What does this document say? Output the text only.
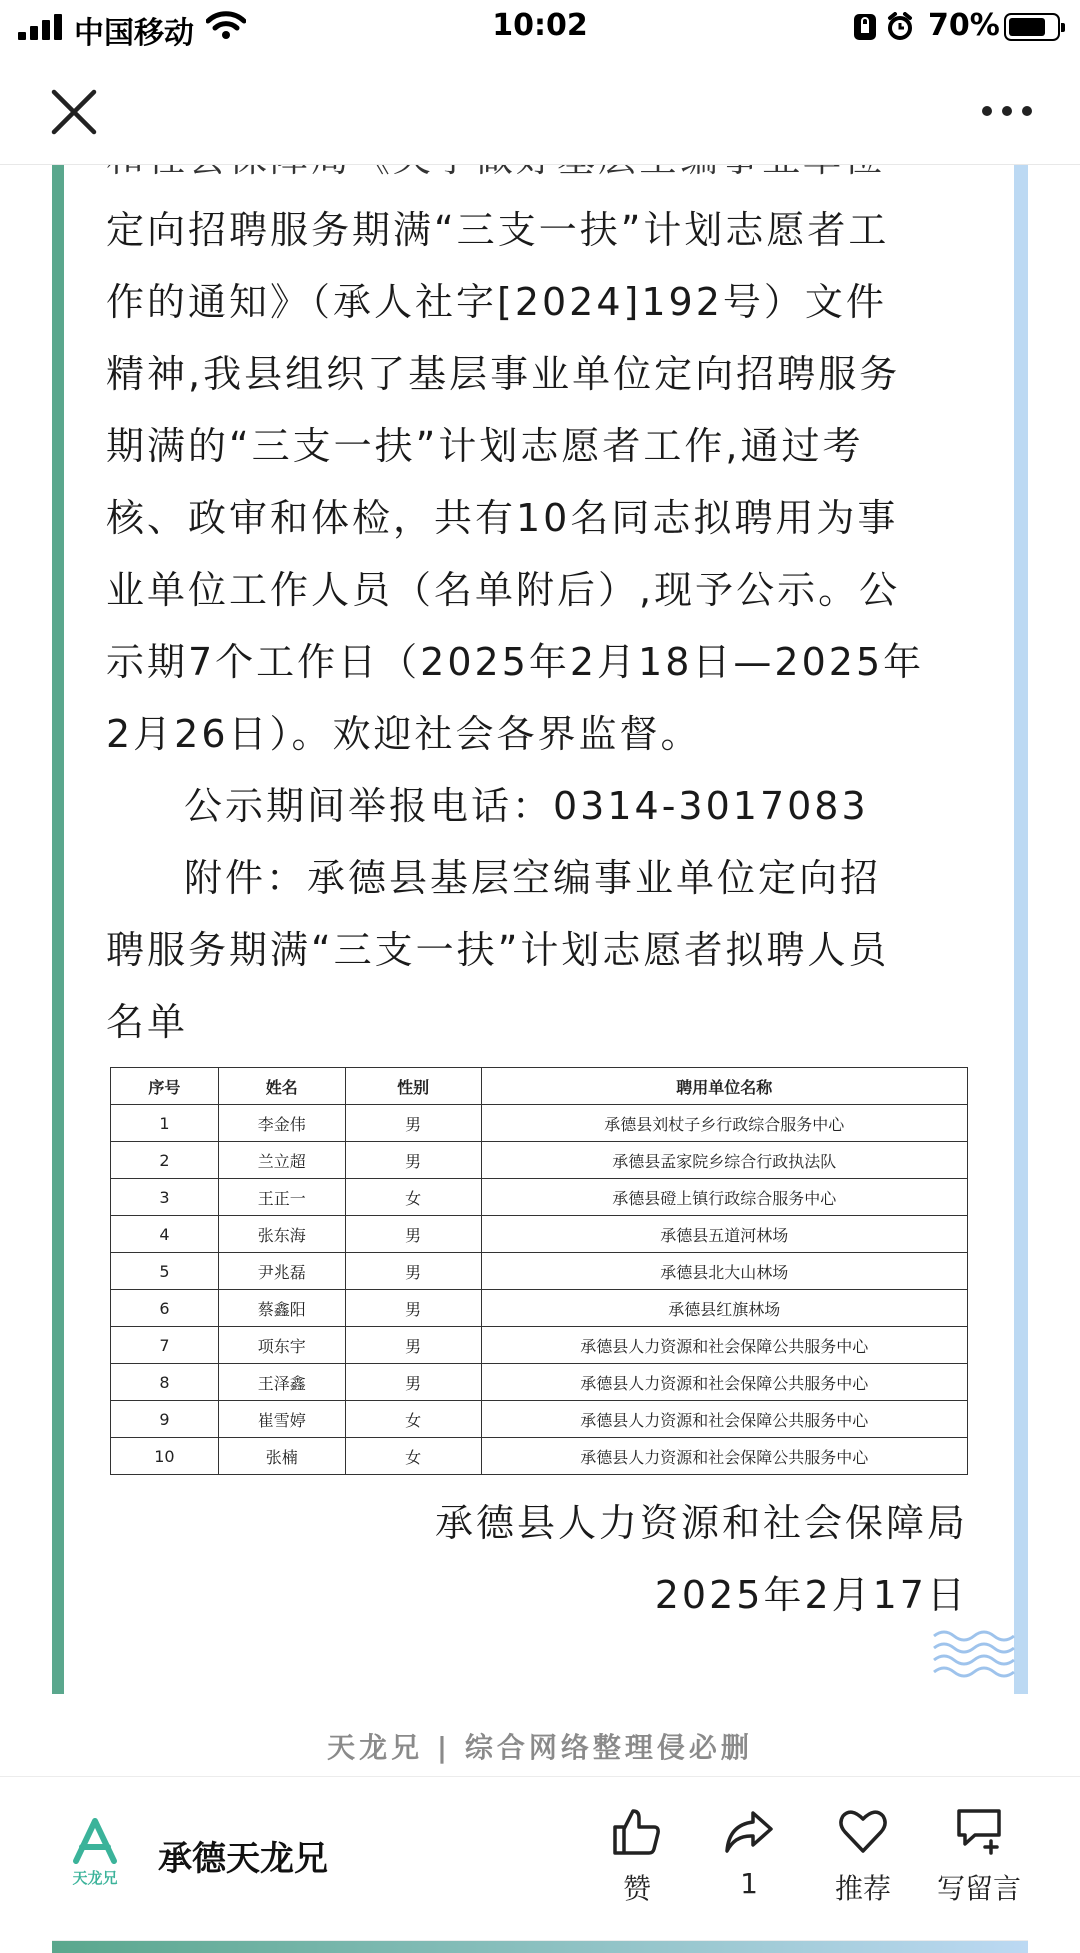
中国移动	10:02	70%

定向招聘服务期满“三支一扶”计划志愿者工

作的通知》（承人社字[2024]192号）文件

精神,我县组织了基层事业单位定向招聘服务

期满的“三支一扶”计划志愿者工作,通过考

核、政审和体检，共有10名同志拟聘用为事

业单位工作人员（名单附后）,现予公示。公

示期7个工作日（2025年2月18日—2025年

2月26日）。欢迎社会各界监督。

公示期间举报电话：0314-3017083

附件：承德县基层空编事业单位定向招

聘服务期满“三支一扶”计划志愿者拟聘人员

名单

序号	姓名	性别	聘用单位名称
1	李金伟	男	承德县刘杖子乡行政综合服务中心
2	兰立超	男	承德县孟家院乡综合行政执法队
3	王正一	女	承德县磴上镇行政综合服务中心
4	张东海	男	承德县五道河林场
5	尹兆磊	男	承德县北大山林场
6	蔡鑫阳	男	承德县红旗林场
7	项东宇	男	承德县人力资源和社会保障公共服务中心
8	王泽鑫	男	承德县人力资源和社会保障公共服务中心
9	崔雪婷	女	承德县人力资源和社会保障公共服务中心
10	张楠	女	承德县人力资源和社会保障公共服务中心
承德县人力资源和社会保障局
2025年2月17日
天龙兄 | 综合网络整理侵必删
天龙兄 承德天龙兄
赞	1	推荐	写留言
